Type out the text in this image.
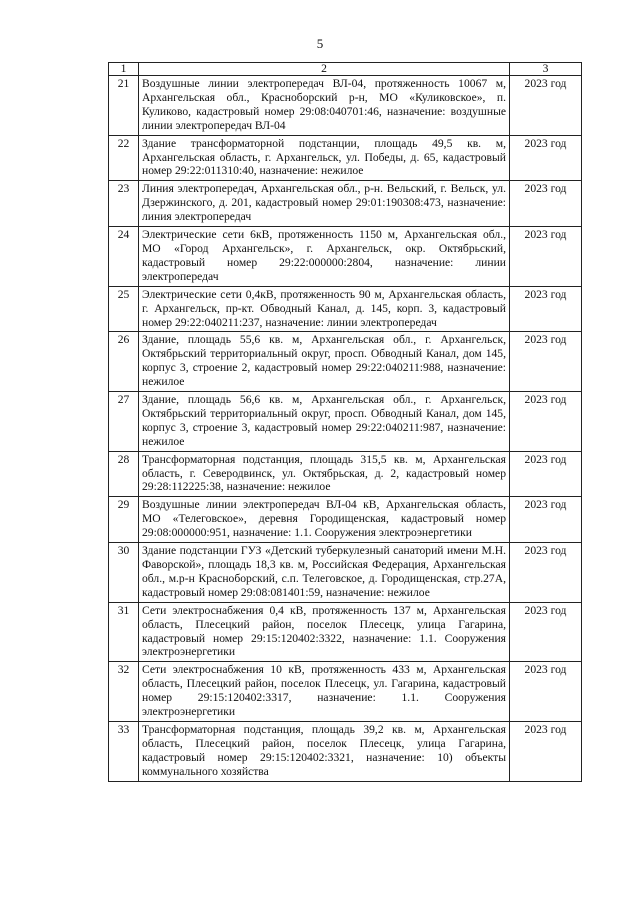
5
1	2	3
21	Воздушные линии электропередач ВЛ-04, протяженность 10067 м, Архангельская обл., Красноборский р-н, МО «Куликовское», п. Куликово, кадастровый номер 29:08:040701:46, назначение: воздушные линии электропередач ВЛ-04	2023 год
22	Здание трансформаторной подстанции, площадь 49,5 кв. м, Архангельская область, г. Архангельск, ул. Победы, д. 65, кадастровый номер 29:22:011310:40, назначение: нежилое	2023 год
23	Линия электропередач, Архангельская обл., р-н. Вельский, г. Вельск, ул. Дзержинского, д. 201, кадастровый номер 29:01:190308:473, назначение: линия электропередач	2023 год
24	Электрические сети 6кВ, протяженность 1150 м, Архангельская обл., МО «Город Архангельск», г. Архангельск, окр. Октябрьский, кадастровый номер 29:22:000000:2804, назначение: линии электропередач	2023 год
25	Электрические сети 0,4кВ, протяженность 90 м, Архангельская область, г. Архангельск, пр-кт. Обводный Канал, д. 145, корп. 3, кадастровый номер 29:22:040211:237, назначение: линии электропередач	2023 год
26	Здание, площадь 55,6 кв. м, Архангельская обл., г. Архангельск, Октябрьский территориальный округ, просп. Обводный Канал, дом 145, корпус 3, строение 2, кадастровый номер 29:22:040211:988, назначение: нежилое	2023 год
27	Здание, площадь 56,6 кв. м, Архангельская обл., г. Архангельск, Октябрьский территориальный округ, просп. Обводный Канал, дом 145, корпус 3, строение 3, кадастровый номер 29:22:040211:987, назначение: нежилое	2023 год
28	Трансформаторная подстанция, площадь 315,5 кв. м, Архангельская область, г. Северодвинск, ул. Октябрьская, д. 2, кадастровый номер 29:28:112225:38, назначение: нежилое	2023 год
29	Воздушные линии электропередач ВЛ-04 кВ, Архангельская область, МО «Телеговское», деревня Городищенская, кадастровый номер 29:08:000000:951, назначение: 1.1. Сооружения электроэнергетики	2023 год
30	Здание подстанции ГУЗ «Детский туберкулезный санаторий имени М.Н. Фаворской», площадь 18,3 кв. м, Российская Федерация, Архангельская обл., м.р-н Красноборский, с.п. Телеговское, д. Городищенская, стр.27А, кадастровый номер 29:08:081401:59, назначение: нежилое	2023 год
31	Сети электроснабжения 0,4 кВ, протяженность 137 м, Архангельская область, Плесецкий район, поселок Плесецк, улица Гагарина, кадастровый номер 29:15:120402:3322, назначение: 1.1. Сооружения электроэнергетики	2023 год
32	Сети электроснабжения 10 кВ, протяженность 433 м, Архангельская область, Плесецкий район, поселок Плесецк, ул. Гагарина, кадастровый номер 29:15:120402:3317, назначение: 1.1. Сооружения электроэнергетики	2023 год
33	Трансформаторная подстанция, площадь 39,2 кв. м, Архангельская область, Плесецкий район, поселок Плесецк, улица Гагарина, кадастровый номер 29:15:120402:3321, назначение: 10) объекты коммунального хозяйства	2023 год
